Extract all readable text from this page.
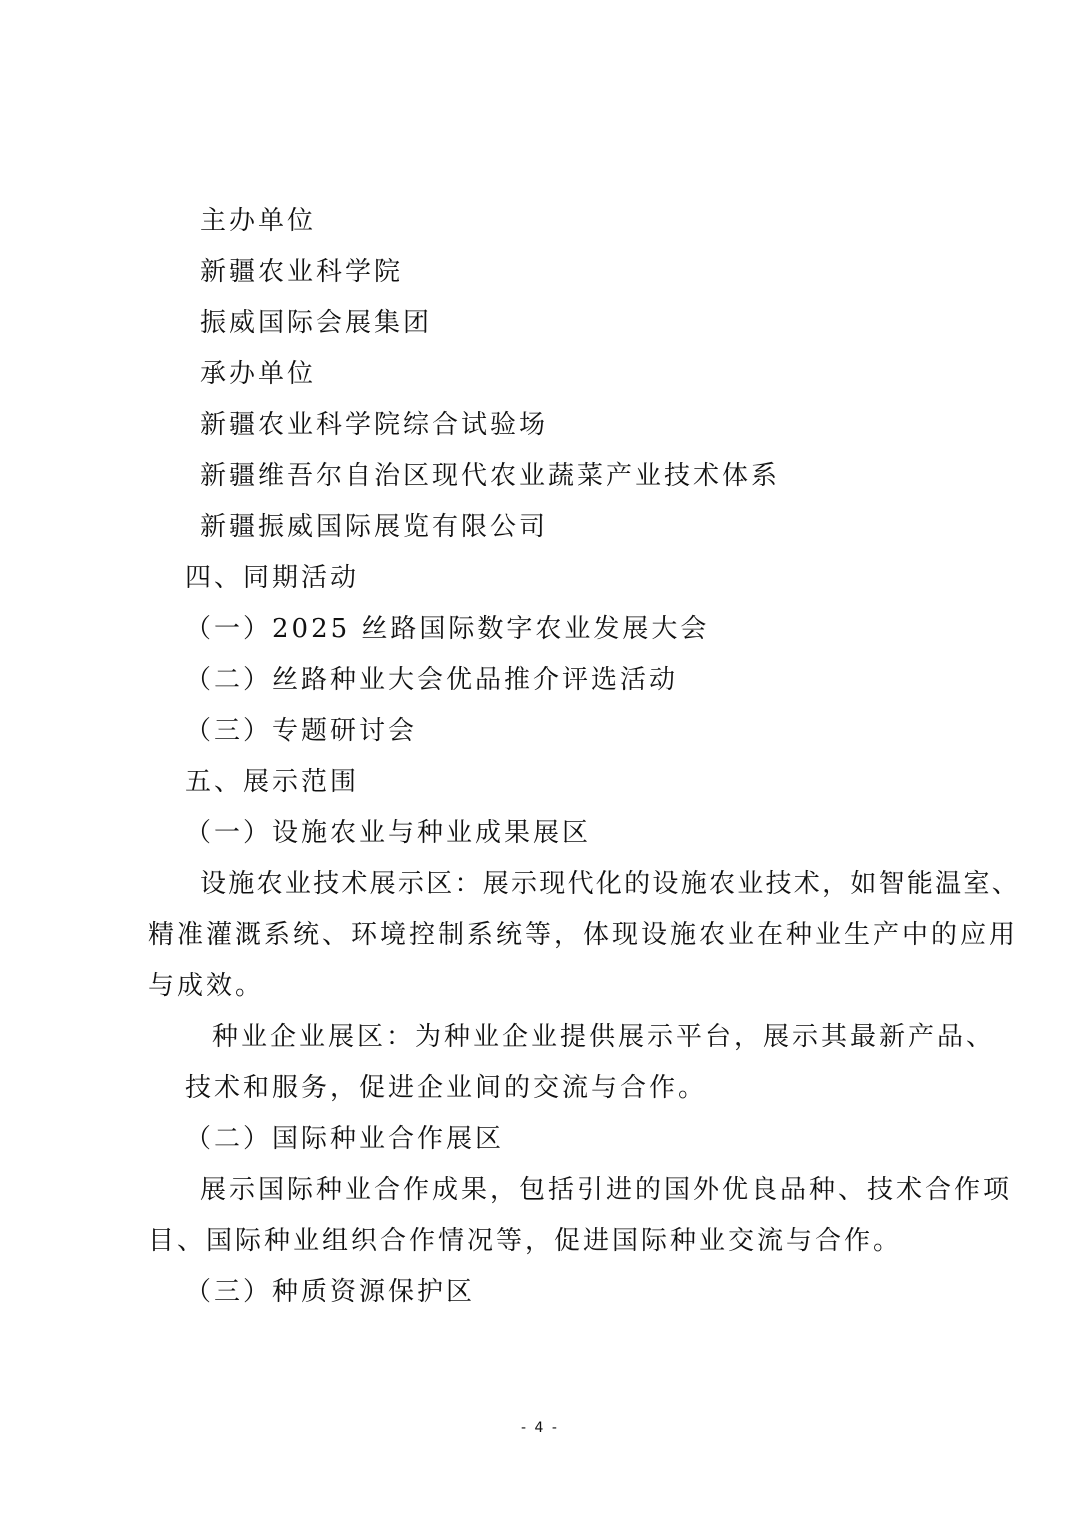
主办单位
新疆农业科学院
振威国际会展集团
承办单位
新疆农业科学院综合试验场
新疆维吾尔自治区现代农业蔬菜产业技术体系
新疆振威国际展览有限公司
四、同期活动
（一）2025 丝路国际数字农业发展大会
（二）丝路种业大会优品推介评选活动
（三）专题研讨会
五、展示范围
（一）设施农业与种业成果展区
设施农业技术展示区：展示现代化的设施农业技术，如智能温室、
精准灌溉系统、环境控制系统等，体现设施农业在种业生产中的应用
与成效。
种业企业展区：为种业企业提供展示平台，展示其最新产品、
技术和服务，促进企业间的交流与合作。
（二）国际种业合作展区
展示国际种业合作成果，包括引进的国外优良品种、技术合作项
目、国际种业组织合作情况等，促进国际种业交流与合作。
（三）种质资源保护区
- 4 -
